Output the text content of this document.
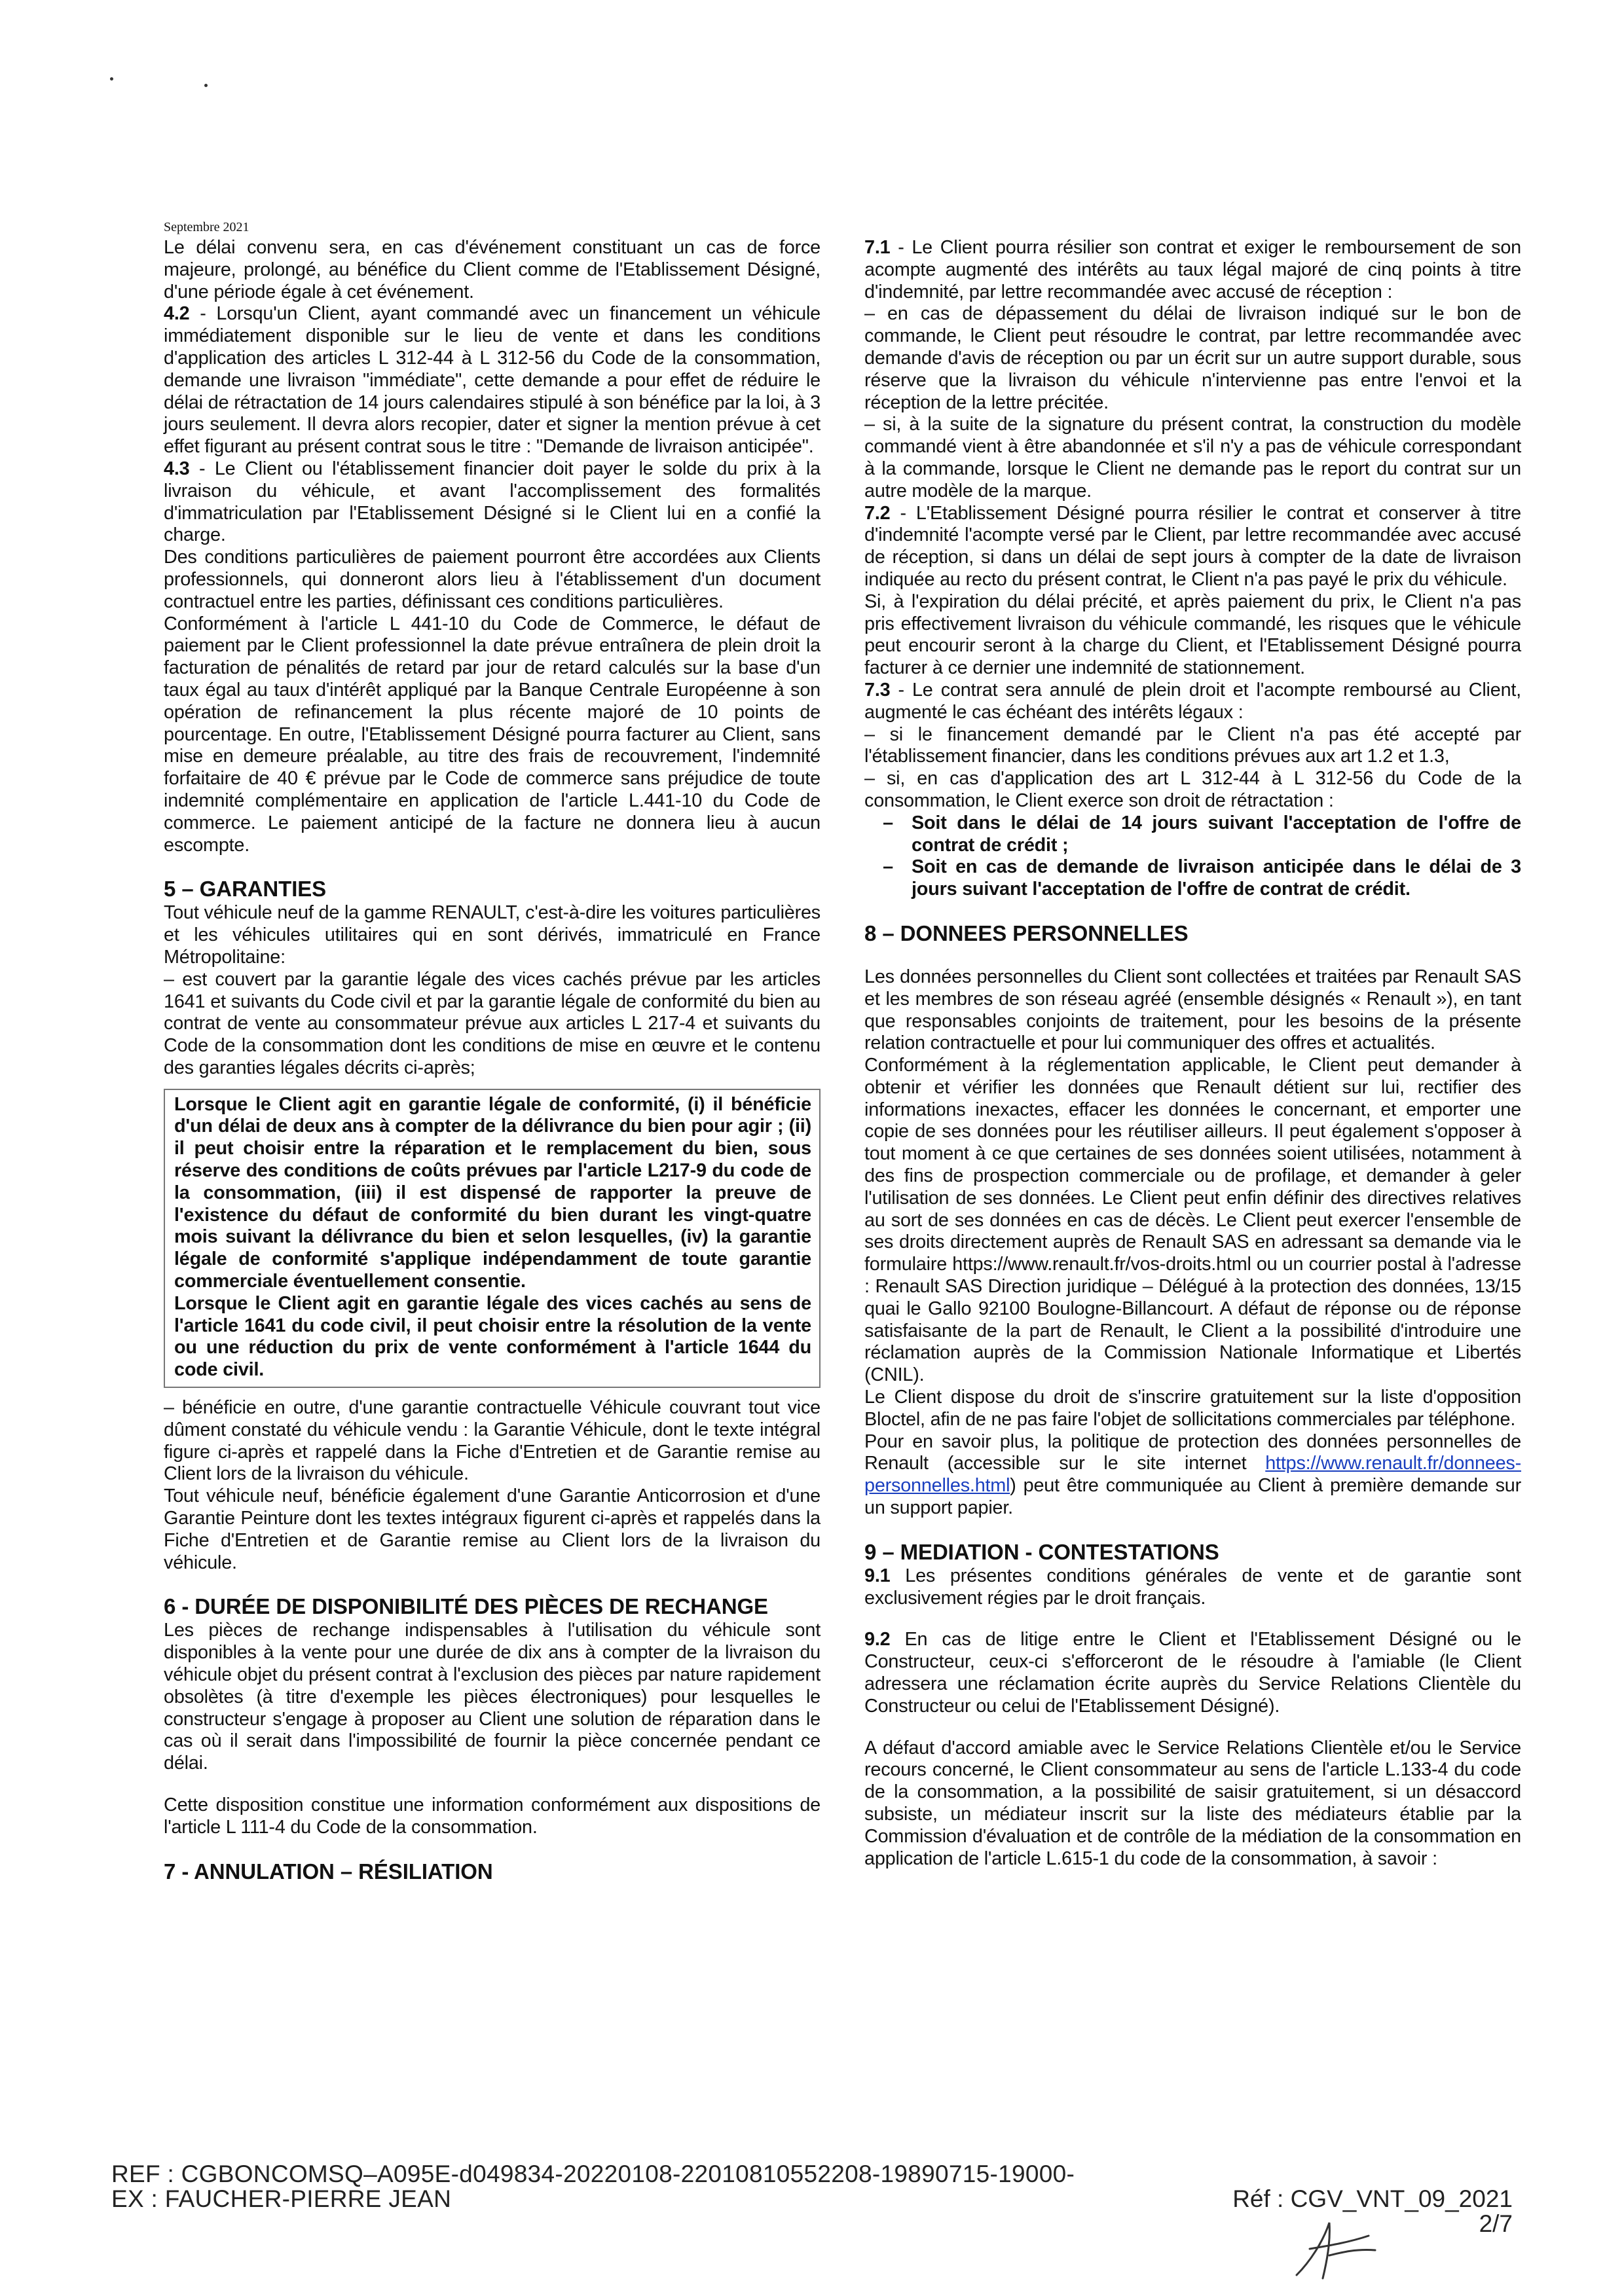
Septembre 2021

Le délai convenu sera, en cas d'événement constituant un cas de force majeure, prolongé, au bénéfice du Client comme de l'Etablissement Désigné, d'une période égale à cet événement.

4.2 - Lorsqu'un Client, ayant commandé avec un financement un véhicule immédiatement disponible sur le lieu de vente et dans les conditions d'application des articles L 312-44 à L 312-56 du Code de la consommation, demande une livraison "immédiate", cette demande a pour effet de réduire le délai de rétractation de 14 jours calendaires stipulé à son bénéfice par la loi, à 3 jours seulement. Il devra alors recopier, dater et signer la mention prévue à cet effet figurant au présent contrat sous le titre : "Demande de livraison anticipée".

4.3 - Le Client ou l'établissement financier doit payer le solde du prix à la livraison du véhicule, et avant l'accomplissement des formalités d'immatriculation par l'Etablissement Désigné si le Client lui en a confié la charge.

Des conditions particulières de paiement pourront être accordées aux Clients professionnels, qui donneront alors lieu à l'établissement d'un document contractuel entre les parties, définissant ces conditions particulières.

Conformément à l'article L 441-10 du Code de Commerce, le défaut de paiement par le Client professionnel la date prévue entraînera de plein droit la facturation de pénalités de retard par jour de retard calculés sur la base d'un taux égal au taux d'intérêt appliqué par la Banque Centrale Européenne à son opération de refinancement la plus récente majoré de 10 points de pourcentage. En outre, l'Etablissement Désigné pourra facturer au Client, sans mise en demeure préalable, au titre des frais de recouvrement, l'indemnité forfaitaire de 40 € prévue par le Code de commerce sans préjudice de toute indemnité complémentaire en application de l'article L.441-10 du Code de commerce. Le paiement anticipé de la facture ne donnera lieu à aucun escompte.

5 – GARANTIES

Tout véhicule neuf de la gamme RENAULT, c'est-à-dire les voitures particulières et les véhicules utilitaires qui en sont dérivés, immatriculé en France Métropolitaine:

– est couvert par la garantie légale des vices cachés prévue par les articles 1641 et suivants du Code civil et par la garantie légale de conformité du bien au contrat de vente au consommateur prévue aux articles L 217-4 et suivants du Code de la consommation dont les conditions de mise en œuvre et le contenu des garanties légales décrits ci-après;

Lorsque le Client agit en garantie légale de conformité, (i) il bénéficie d'un délai de deux ans à compter de la délivrance du bien pour agir ; (ii) il peut choisir entre la réparation et le remplacement du bien, sous réserve des conditions de coûts prévues par l'article L217-9 du code de la consommation, (iii) il est dispensé de rapporter la preuve de l'existence du défaut de conformité du bien durant les vingt-quatre mois suivant la délivrance du bien et selon lesquelles, (iv) la garantie légale de conformité s'applique indépendamment de toute garantie commerciale éventuellement consentie.

Lorsque le Client agit en garantie légale des vices cachés au sens de l'article 1641 du code civil, il peut choisir entre la résolution de la vente ou une réduction du prix de vente conformément à l'article 1644 du code civil.

– bénéficie en outre, d'une garantie contractuelle Véhicule couvrant tout vice dûment constaté du véhicule vendu : la Garantie Véhicule, dont le texte intégral figure ci-après et rappelé dans la Fiche d'Entretien et de Garantie remise au Client lors de la livraison du véhicule.

Tout véhicule neuf, bénéficie également d'une Garantie Anticorrosion et d'une Garantie Peinture dont les textes intégraux figurent ci-après et rappelés dans la Fiche d'Entretien et de Garantie remise au Client lors de la livraison du véhicule.

6 - DURÉE DE DISPONIBILITÉ DES PIÈCES DE RECHANGE

Les pièces de rechange indispensables à l'utilisation du véhicule sont disponibles à la vente pour une durée de dix ans à compter de la livraison du véhicule objet du présent contrat à l'exclusion des pièces par nature rapidement obsolètes (à titre d'exemple les pièces électroniques) pour lesquelles le constructeur s'engage à proposer au Client une solution de réparation dans le cas où il serait dans l'impossibilité de fournir la pièce concernée pendant ce délai.

Cette disposition constitue une information conformément aux dispositions de l'article L 111-4 du Code de la consommation.

7 - ANNULATION – RÉSILIATION

7.1 - Le Client pourra résilier son contrat et exiger le remboursement de son acompte augmenté des intérêts au taux légal majoré de cinq points à titre d'indemnité, par lettre recommandée avec accusé de réception :

– en cas de dépassement du délai de livraison indiqué sur le bon de commande, le Client peut résoudre le contrat, par lettre recommandée avec demande d'avis de réception ou par un écrit sur un autre support durable, sous réserve que la livraison du véhicule n'intervienne pas entre l'envoi et la réception de la lettre précitée.

– si, à la suite de la signature du présent contrat, la construction du modèle commandé vient à être abandonnée et s'il n'y a pas de véhicule correspondant à la commande, lorsque le Client ne demande pas le report du contrat sur un autre modèle de la marque.

7.2 - L'Etablissement Désigné pourra résilier le contrat et conserver à titre d'indemnité l'acompte versé par le Client, par lettre recommandée avec accusé de réception, si dans un délai de sept jours à compter de la date de livraison indiquée au recto du présent contrat, le Client n'a pas payé le prix du véhicule.

Si, à l'expiration du délai précité, et après paiement du prix, le Client n'a pas pris effectivement livraison du véhicule commandé, les risques que le véhicule peut encourir seront à la charge du Client, et l'Etablissement Désigné pourra facturer à ce dernier une indemnité de stationnement.

7.3 - Le contrat sera annulé de plein droit et l'acompte remboursé au Client, augmenté le cas échéant des intérêts légaux :

– si le financement demandé par le Client n'a pas été accepté par l'établissement financier, dans les conditions prévues aux art 1.2 et 1.3,

– si, en cas d'application des art L 312-44 à L 312-56 du Code de la consommation, le Client exerce son droit de rétractation :

– Soit dans le délai de 14 jours suivant l'acceptation de l'offre de contrat de crédit ;
– Soit en cas de demande de livraison anticipée dans le délai de 3 jours suivant l'acceptation de l'offre de contrat de crédit.
8 – DONNEES PERSONNELLES

Les données personnelles du Client sont collectées et traitées par Renault SAS et les membres de son réseau agréé (ensemble désignés « Renault »), en tant que responsables conjoints de traitement, pour les besoins de la présente relation contractuelle et pour lui communiquer des offres et actualités.

Conformément à la réglementation applicable, le Client peut demander à obtenir et vérifier les données que Renault détient sur lui, rectifier des informations inexactes, effacer les données le concernant, et emporter une copie de ses données pour les réutiliser ailleurs. Il peut également s'opposer à tout moment à ce que certaines de ses données soient utilisées, notamment à des fins de prospection commerciale ou de profilage, et demander à geler l'utilisation de ses données. Le Client peut enfin définir des directives relatives au sort de ses données en cas de décès. Le Client peut exercer l'ensemble de ses droits directement auprès de Renault SAS en adressant sa demande via le formulaire https://www.renault.fr/vos-droits.html ou un courrier postal à l'adresse : Renault SAS Direction juridique – Délégué à la protection des données, 13/15 quai le Gallo 92100 Boulogne-Billancourt. A défaut de réponse ou de réponse satisfaisante de la part de Renault, le Client a la possibilité d'introduire une réclamation auprès de la Commission Nationale Informatique et Libertés (CNIL).

Le Client dispose du droit de s'inscrire gratuitement sur la liste d'opposition Bloctel, afin de ne pas faire l'objet de sollicitations commerciales par téléphone.

Pour en savoir plus, la politique de protection des données personnelles de Renault (accessible sur le site internet https://www.renault.fr/donnees-personnelles.html) peut être communiquée au Client à première demande sur un support papier.

9 – MEDIATION - CONTESTATIONS

9.1 Les présentes conditions générales de vente et de garantie sont exclusivement régies par le droit français.

9.2 En cas de litige entre le Client et l'Etablissement Désigné ou le Constructeur, ceux-ci s'efforceront de le résoudre à l'amiable (le Client adressera une réclamation écrite auprès du Service Relations Clientèle du Constructeur ou celui de l'Etablissement Désigné).

A défaut d'accord amiable avec le Service Relations Clientèle et/ou le Service recours concerné, le Client consommateur au sens de l'article L.133-4 du code de la consommation, a la possibilité de saisir gratuitement, si un désaccord subsiste, un médiateur inscrit sur la liste des médiateurs établie par la Commission d'évaluation et de contrôle de la médiation de la consommation en application de l'article L.615-1 du code de la consommation, à savoir :

REF : CGBONCOMSQ–A095E-d049834-20220108-22010810552208-19890715-19000-
EX : FAUCHER-PIERRE JEAN	Réf : CGV_VNT_09_2021
2/7
